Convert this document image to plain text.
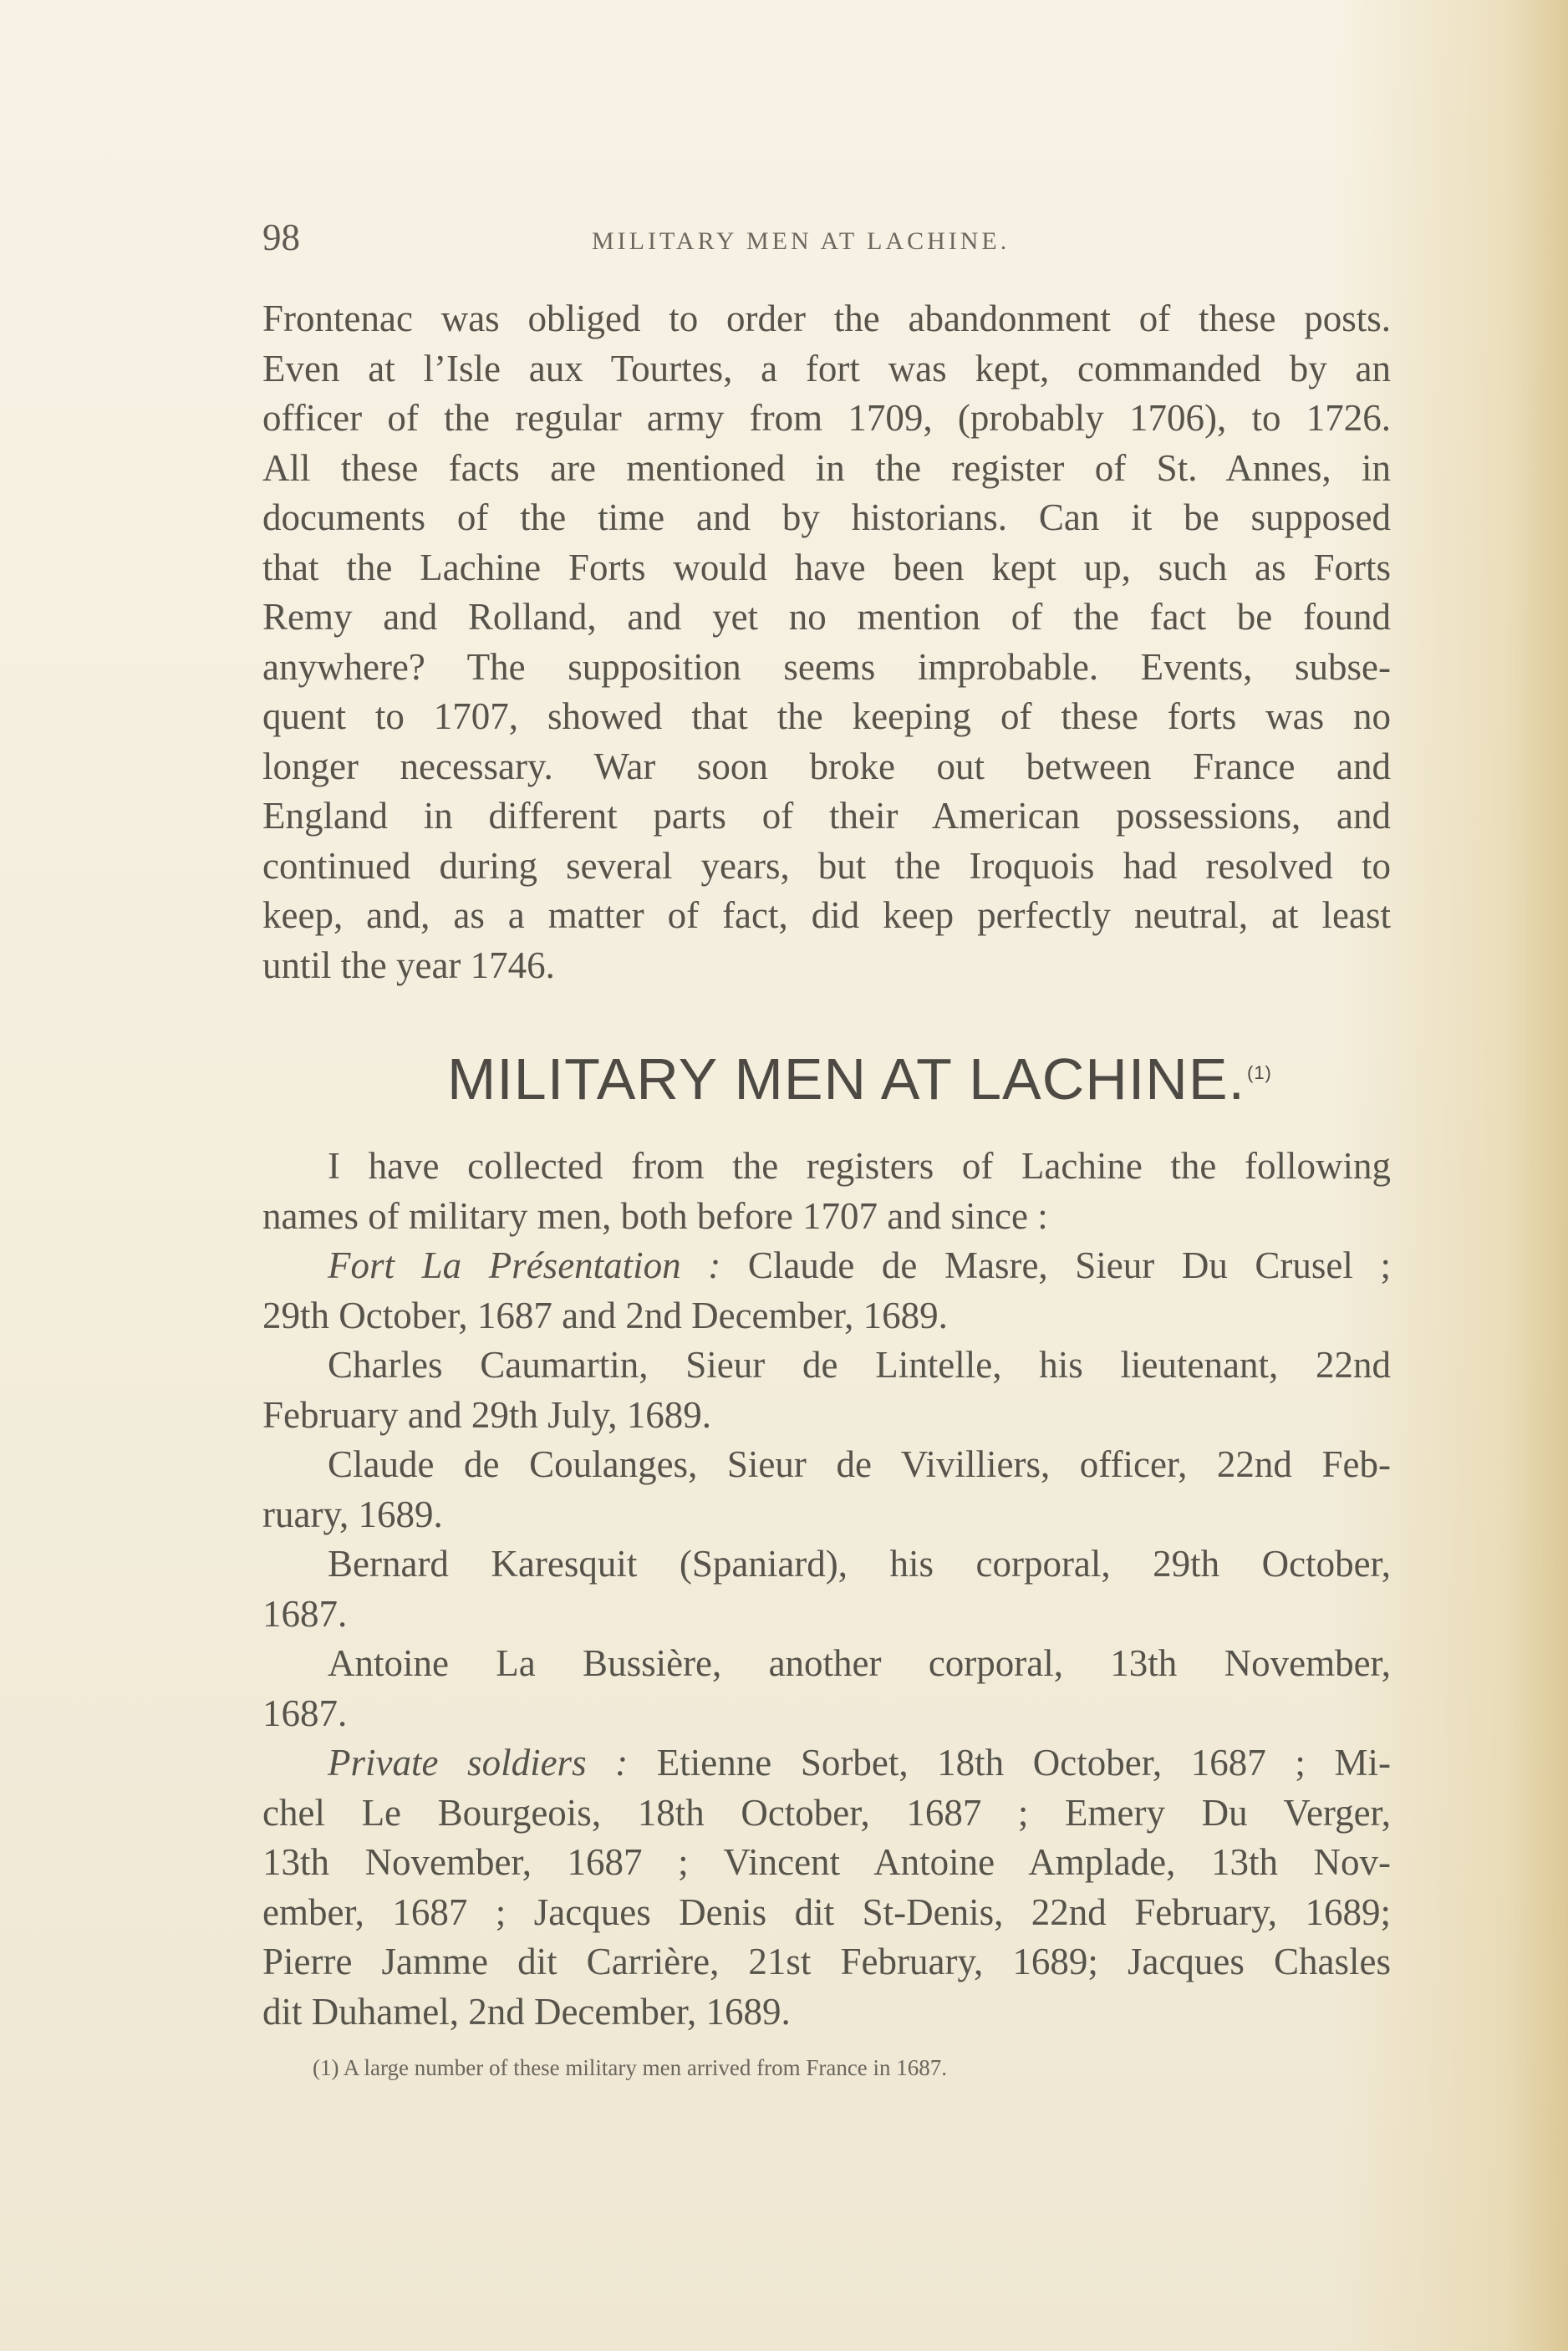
98	MILITARY MEN AT LACHINE.
Frontenac was obliged to order the abandonment of these posts.
Even at l’Isle aux Tourtes, a fort was kept, commanded by an
officer of the regular army from 1709, (probably 1706), to 1726.
All these facts are mentioned in the register of St. Annes, in
documents of the time and by historians. Can it be supposed
that the Lachine Forts would have been kept up, such as Forts
Remy and Rolland, and yet no mention of the fact be found
anywhere? The supposition seems improbable. Events, subse-
quent to 1707, showed that the keeping of these forts was no
longer necessary. War soon broke out between France and
England in different parts of their American possessions, and
continued during several years, but the Iroquois had resolved to
keep, and, as a matter of fact, did keep perfectly neutral, at least
until the year 1746.
MILITARY MEN AT LACHINE.$^{(1)}$
I have collected from the registers of Lachine the following
names of military men, both before 1707 and since :
Fort La Présentation : Claude de Masre, Sieur Du Crusel ;
29th October, 1687 and 2nd December, 1689.
Charles Caumartin, Sieur de Lintelle, his lieutenant, 22nd
February and 29th July, 1689.
Claude de Coulanges, Sieur de Vivilliers, officer, 22nd Feb-
ruary, 1689.
Bernard Karesquit (Spaniard), his corporal, 29th October,
1687.
Antoine La Bussière, another corporal, 13th November,
1687.
Private soldiers : Etienne Sorbet, 18th October, 1687 ; Mi-
chel Le Bourgeois, 18th October, 1687 ; Emery Du Verger,
13th November, 1687 ; Vincent Antoine Amplade, 13th Nov-
ember, 1687 ; Jacques Denis dit St-Denis, 22nd February, 1689;
Pierre Jamme dit Carrière, 21st February, 1689; Jacques Chasles
dit Duhamel, 2nd December, 1689.
(1) A large number of these military men arrived from France in 1687.
